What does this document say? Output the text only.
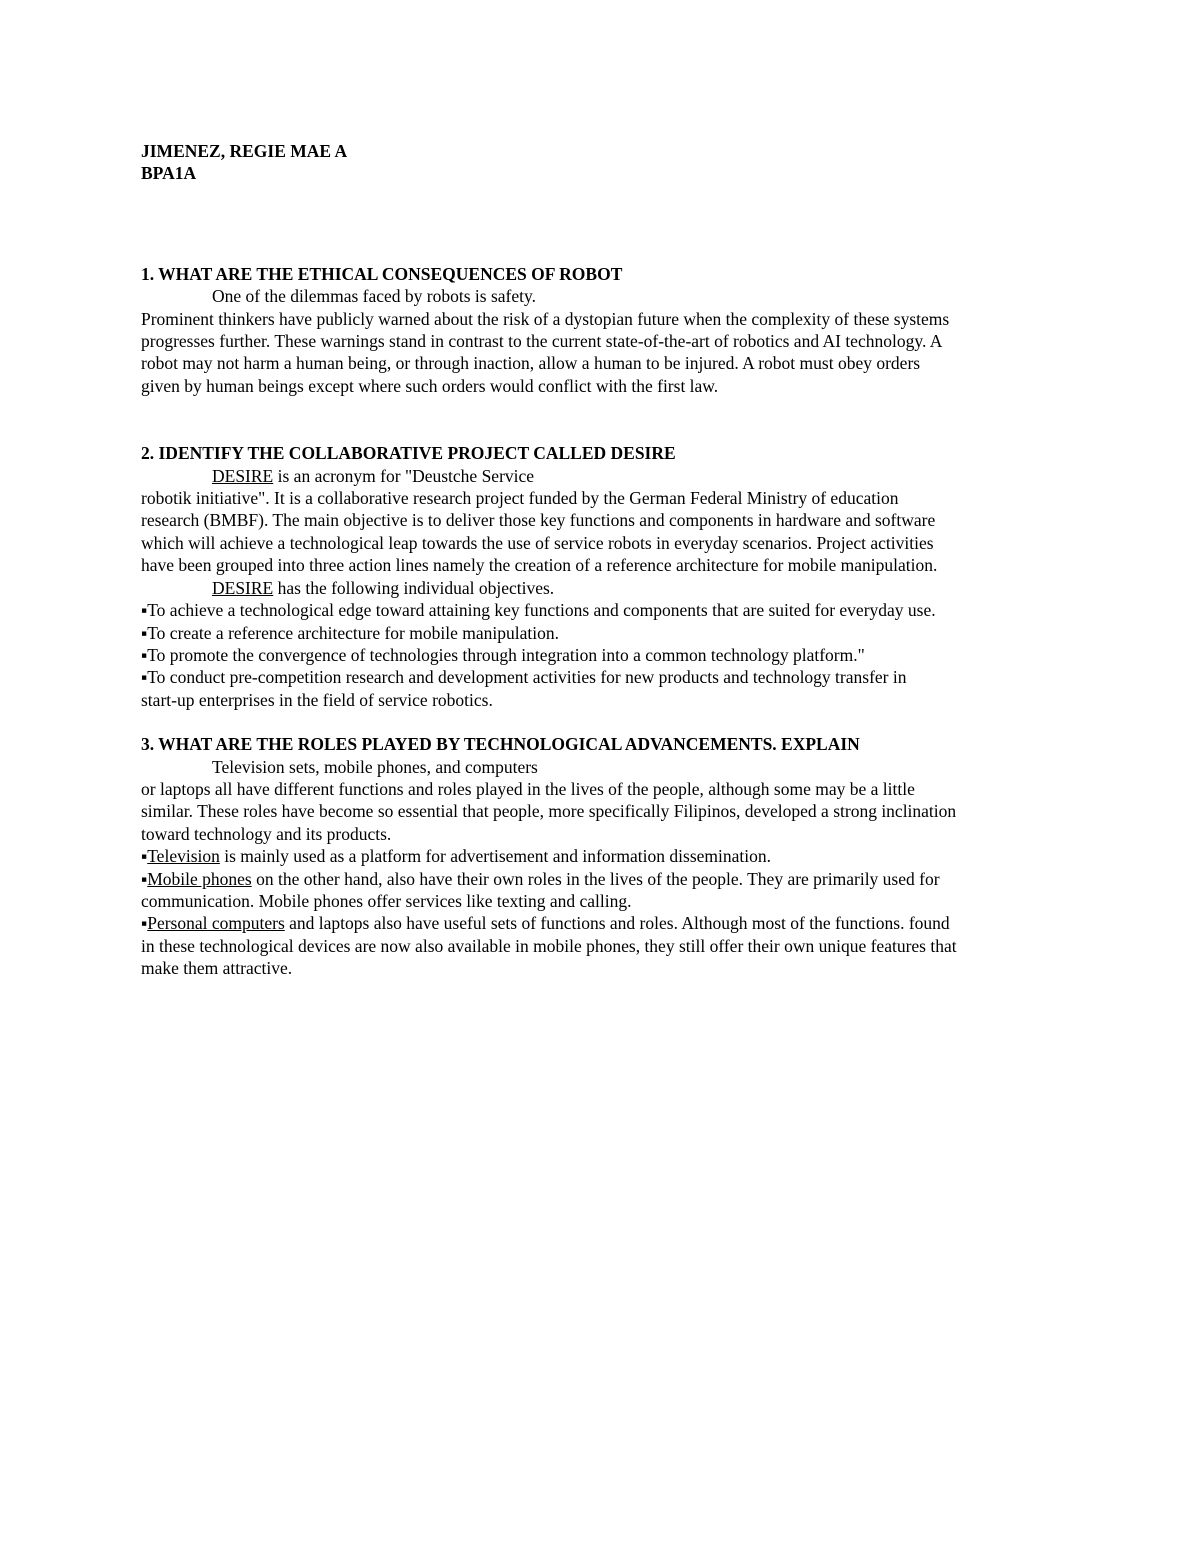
JIMENEZ, REGIE MAE A
BPA1A
1. WHAT ARE THE ETHICAL CONSEQUENCES OF ROBOT
One of the dilemmas faced by robots is safety.
Prominent thinkers have publicly warned about the risk of a dystopian future when the complexity of these systems
progresses further. These warnings stand in contrast to the current state-of-the-art of robotics and AI technology. A
robot may not harm a human being, or through inaction, allow a human to be injured. A robot must obey orders
given by human beings except where such orders would conflict with the first law.
2. IDENTIFY THE COLLABORATIVE PROJECT CALLED DESIRE
DESIRE is an acronym for "Deustche Service
robotik initiative". It is a collaborative research project funded by the German Federal Ministry of education
research (BMBF). The main objective is to deliver those key functions and components in hardware and software
which will achieve a technological leap towards the use of service robots in everyday scenarios. Project activities
have been grouped into three action lines namely the creation of a reference architecture for mobile manipulation.
DESIRE has the following individual objectives.
▪To achieve a technological edge toward attaining key functions and components that are suited for everyday use.
▪To create a reference architecture for mobile manipulation.
▪To promote the convergence of technologies through integration into a common technology platform."
▪To conduct pre-competition research and development activities for new products and technology transfer in
start-up enterprises in the field of service robotics.
3. WHAT ARE THE ROLES PLAYED BY TECHNOLOGICAL ADVANCEMENTS. EXPLAIN
Television sets, mobile phones, and computers
or laptops all have different functions and roles played in the lives of the people, although some may be a little
similar. These roles have become so essential that people, more specifically Filipinos, developed a strong inclination
toward technology and its products.
▪Television is mainly used as a platform for advertisement and information dissemination.
▪Mobile phones on the other hand, also have their own roles in the lives of the people. They are primarily used for
communication. Mobile phones offer services like texting and calling.
▪Personal computers and laptops also have useful sets of functions and roles. Although most of the functions. found
in these technological devices are now also available in mobile phones, they still offer their own unique features that
make them attractive.
